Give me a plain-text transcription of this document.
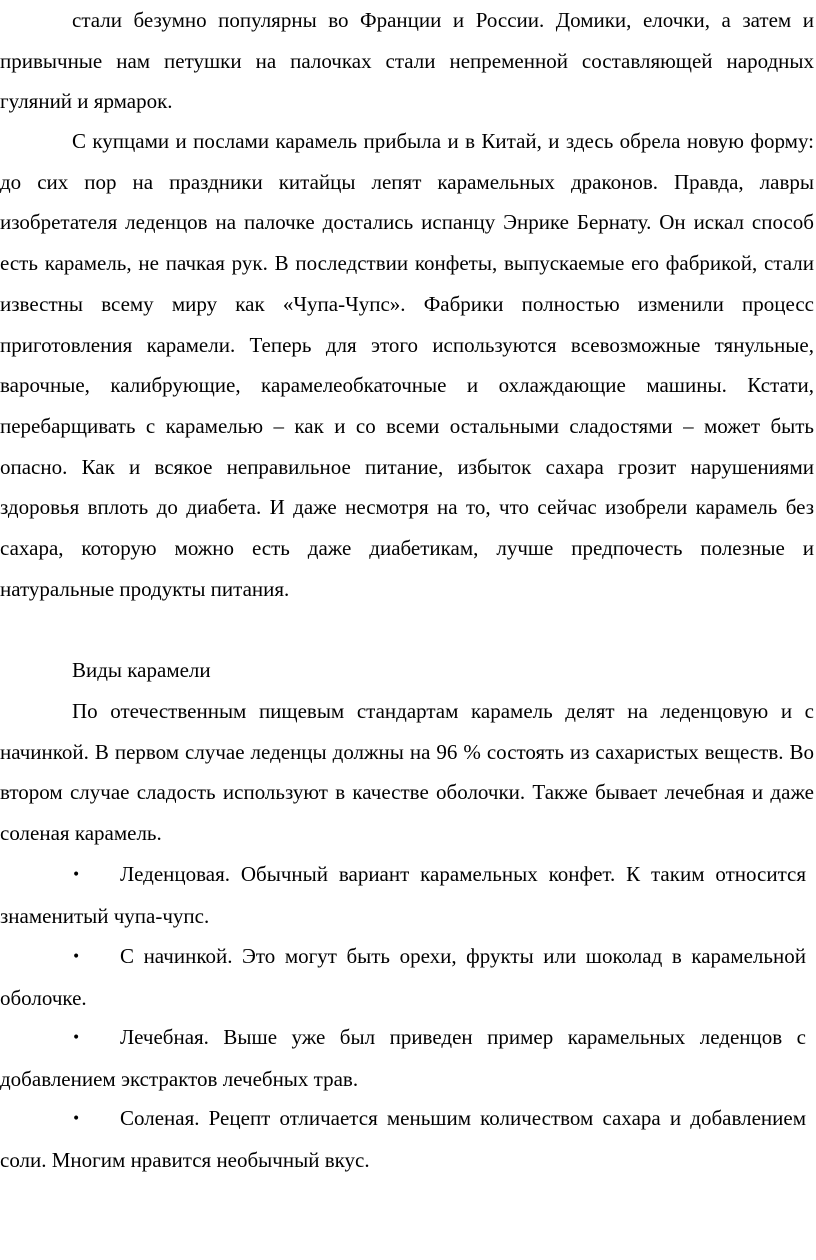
стали безумно популярны во Франции и России. Домики, елочки, а затем и привычные нам петушки на палочках стали непременной составляющей народных гуляний и ярмарок.

С купцами и послами карамель прибыла и в Китай, и здесь обрела новую форму: до сих пор на праздники китайцы лепят карамельных драконов. Правда, лавры изобретателя леденцов на палочке достались испанцу Энрике Бернату. Он искал способ есть карамель, не пачкая рук. В последствии конфеты, выпускаемые его фабрикой, стали известны всему миру как «Чупа-Чупс». Фабрики полностью изменили процесс приготовления карамели. Теперь для этого используются всевозможные тянульные, варочные, калибрующие, карамелеобкаточные и охлаждающие машины. Кстати, перебарщивать с карамелью – как и со всеми остальными сладостями – может быть опасно. Как и всякое неправильное питание, избыток сахара грозит нарушениями здоровья вплоть до диабета. И даже несмотря на то, что сейчас изобрели карамель без сахара, которую можно есть даже диабетикам, лучше предпочесть полезные и натуральные продукты питания.

Виды карамели

По отечественным пищевым стандартам карамель делят на леденцовую и с начинкой. В первом случае леденцы должны на 96 % состоять из сахаристых веществ. Во втором случае сладость используют в качестве оболочки. Также бывает лечебная и даже соленая карамель.

• Леденцовая. Обычный вариант карамельных конфет. К таким относится знаменитый чупа-чупс.
• С начинкой. Это могут быть орехи, фрукты или шоколад в карамельной оболочке.
• Лечебная. Выше уже был приведен пример карамельных леденцов с добавлением экстрактов лечебных трав.
• Соленая. Рецепт отличается меньшим количеством сахара и добавлением соли. Многим нравится необычный вкус.
